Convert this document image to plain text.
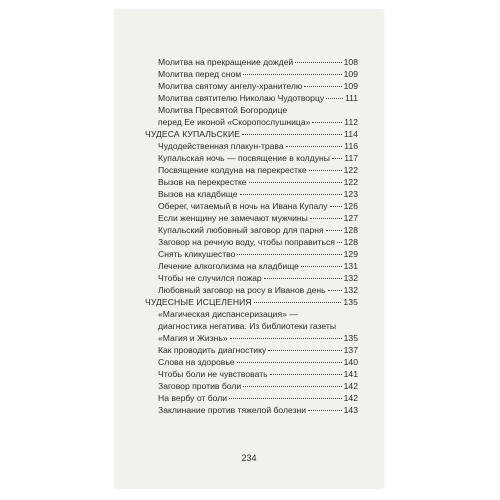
Молитва на прекращение дождей	108
Молитва перед сном	109
Молитва святому ангелу-хранителю	109
Молитва святителю Николаю Чудотворцу 111
Молитва Пресвятой Богородице
перед Ее иконой «Скоропослушница»	112
ЧУДЕСА КУПАЛЬСКИЕ	114
Чудодейственная плакун-трава	116
Купальская ночь — посвящение в колдуны 117
Посвящение колдуна на перекрестке	122
Вызов на перекрестке	122
Вызов на кладбище	123
Оберег, читаемый в ночь на Ивана Купалу 126
Если женщину не замечают мужчины	127
Купальский любовный заговор для парня 128
Заговор на речную воду, чтобы поправиться 128
Снять кликушество	129
Лечение алкоголизма на кладбище	131
Чтобы не случился пожар	132
Любовный заговор на росу в Иванов день 132
ЧУДЕСНЫЕ ИСЦЕЛЕНИЯ	135
«Магическая диспансеризация» —
диагностика негатива. Из библиотеки газеты
«Магия и Жизнь»	135
Как проводить диагностику	137
Слова на здоровье	140
Чтобы боли не чувствовать	141
Заговор против боли	142
На вербу от боли	142
Заклинание против тяжелой болезни	143
234
